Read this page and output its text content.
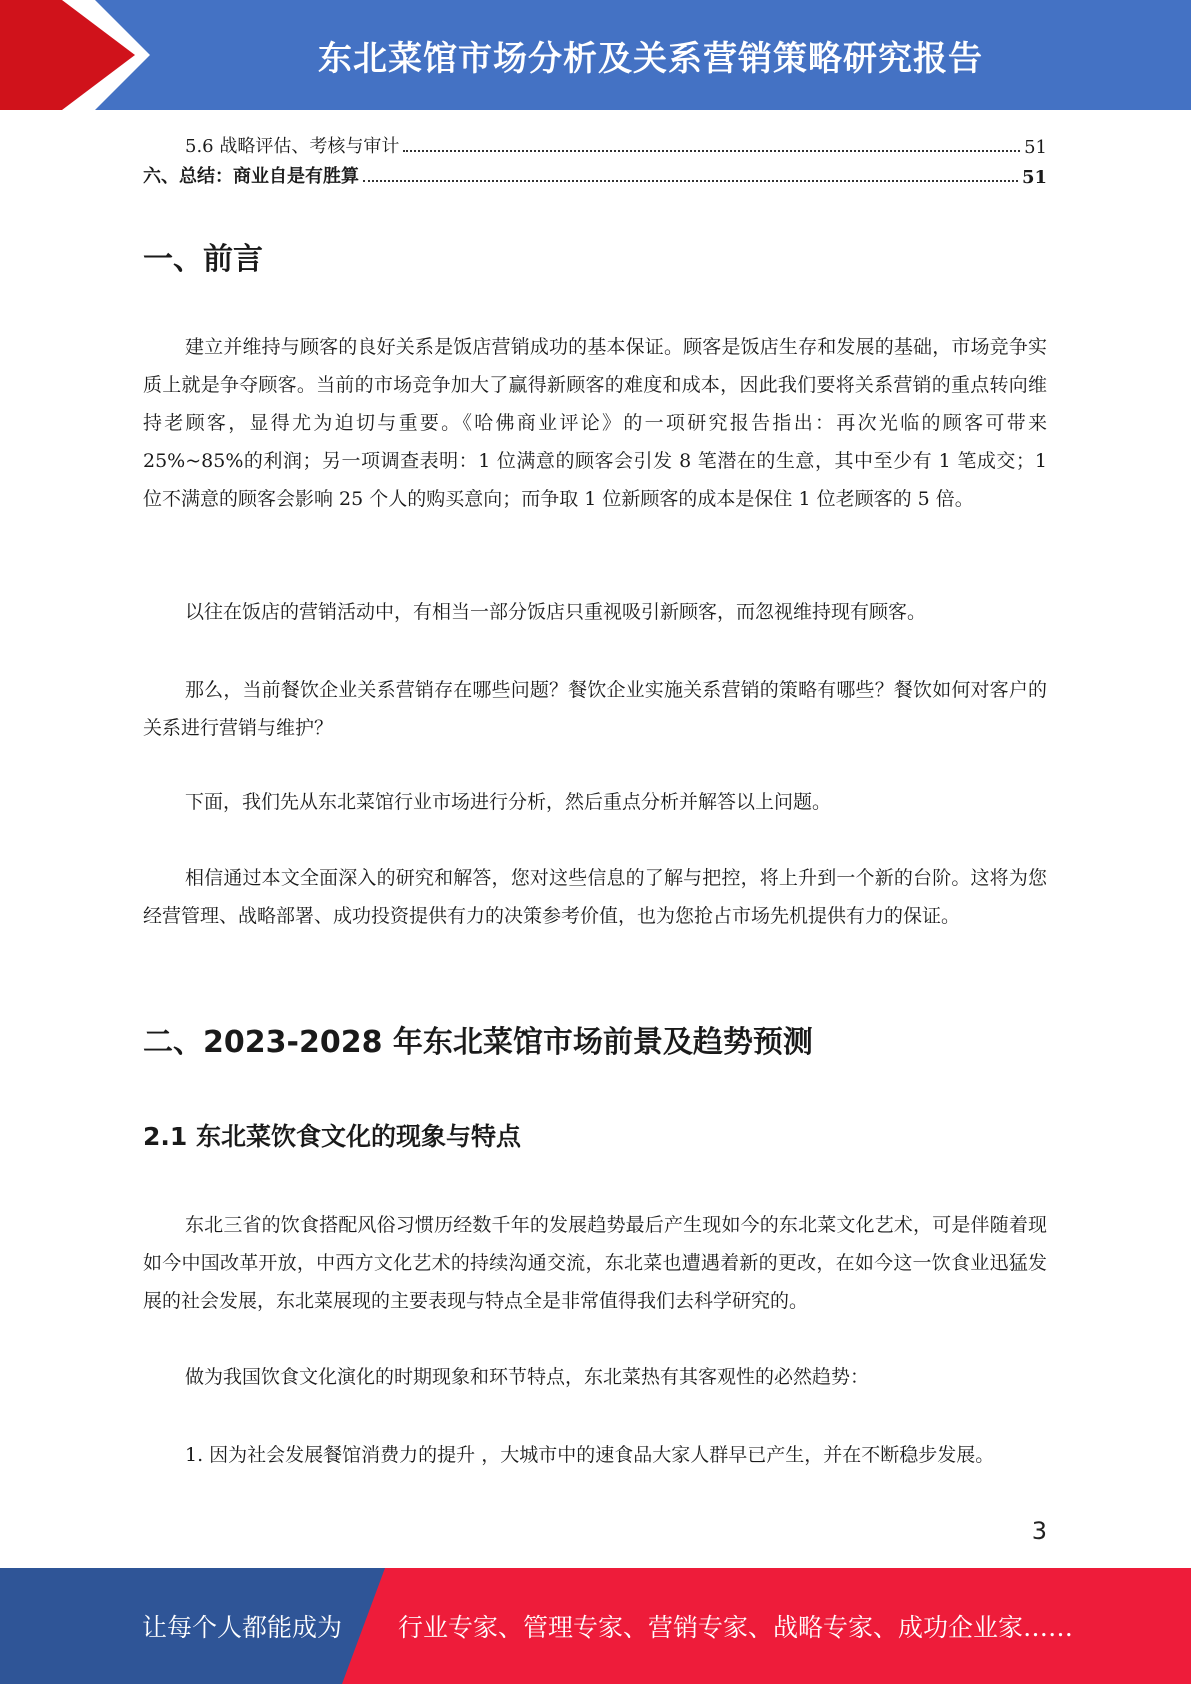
东北菜馆市场分析及关系营销策略研究报告
5.6 战略评估、考核与审计	51
六、总结：商业自是有胜算	51
一、前言

建立并维持与顾客的良好关系是饭店营销成功的基本保证。顾客是饭店生存和发展的基础，市场竞争实质上就是争夺顾客。当前的市场竞争加大了赢得新顾客的难度和成本，因此我们要将关系营销的重点转向维持老顾客，显得尤为迫切与重要。《哈佛商业评论》的一项研究报告指出：再次光临的顾客可带来 25%~85%的利润；另一项调查表明：1 位满意的顾客会引发 8 笔潜在的生意，其中至少有 1 笔成交；1 位不满意的顾客会影响 25 个人的购买意向；而争取 1 位新顾客的成本是保住 1 位老顾客的 5 倍。

以往在饭店的营销活动中，有相当一部分饭店只重视吸引新顾客，而忽视维持现有顾客。

那么，当前餐饮企业关系营销存在哪些问题？餐饮企业实施关系营销的策略有哪些？餐饮如何对客户的关系进行营销与维护？

下面，我们先从东北菜馆行业市场进行分析，然后重点分析并解答以上问题。

相信通过本文全面深入的研究和解答，您对这些信息的了解与把控，将上升到一个新的台阶。这将为您经营管理、战略部署、成功投资提供有力的决策参考价值，也为您抢占市场先机提供有力的保证。

二、2023-2028 年东北菜馆市场前景及趋势预测
2.1 东北菜饮食文化的现象与特点

东北三省的饮食搭配风俗习惯历经数千年的发展趋势最后产生现如今的东北菜文化艺术，可是伴随着现如今中国改革开放，中西方文化艺术的持续沟通交流，东北菜也遭遇着新的更改，在如今这一饮食业迅猛发展的社会发展，东北菜展现的主要表现与特点全是非常值得我们去科学研究的。

做为我国饮食文化演化的时期现象和环节特点，东北菜热有其客观性的必然趋势：

1. 因为社会发展餐馆消费力的提升 ，大城市中的速食品大家人群早已产生，并在不断稳步发展。

3
让每个人都能成为 行业专家、管理专家、营销专家、战略专家、成功企业家……
